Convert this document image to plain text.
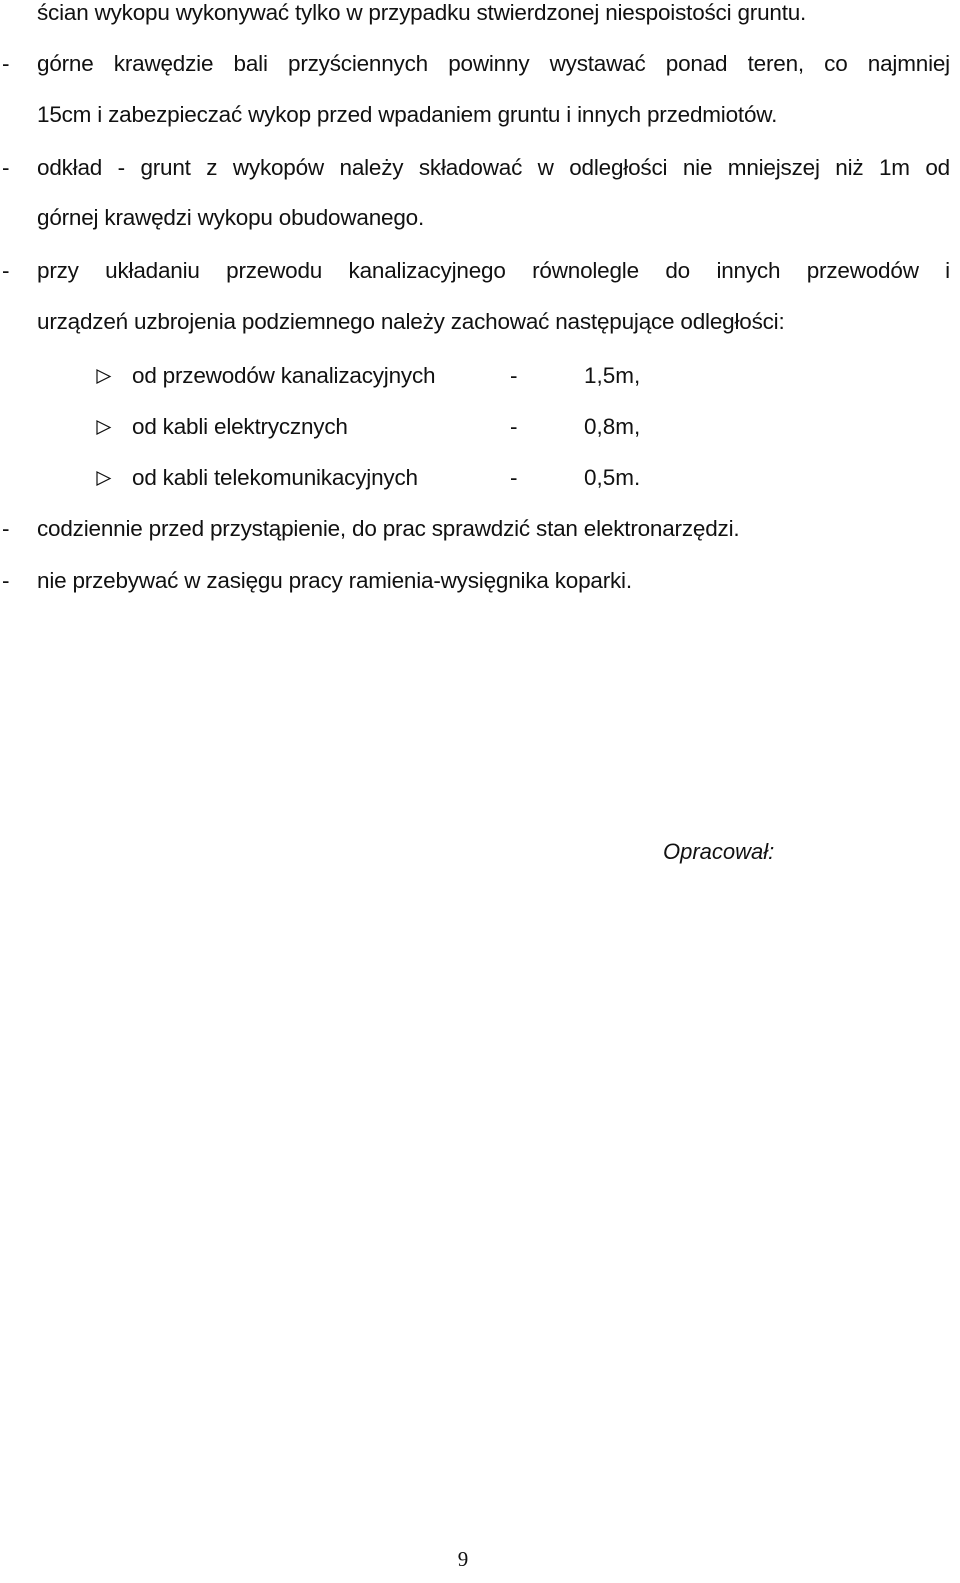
ścian wykopu wykonywać tylko w przypadku stwierdzonej niespoistości gruntu.
- górne krawędzie bali przyściennych powinny wystawać ponad teren, co najmniej
15cm i zabezpieczać wykop przed wpadaniem gruntu i innych przedmiotów.
- odkład - grunt z wykopów należy składować w odległości nie mniejszej niż 1m od
górnej krawędzi wykopu obudowanego.
- przy układaniu przewodu kanalizacyjnego równolegle do innych przewodów i
urządzeń uzbrojenia podziemnego należy zachować następujące odległości:
od przewodów kanalizacyjnych	-	1,5m,
od kabli elektrycznych	-	0,8m,
od kabli telekomunikacyjnych	-	0,5m.
- codziennie przed przystąpienie, do prac sprawdzić stan elektronarzędzi.
- nie przebywać w zasięgu pracy ramienia-wysięgnika koparki.
Opracował:
9
